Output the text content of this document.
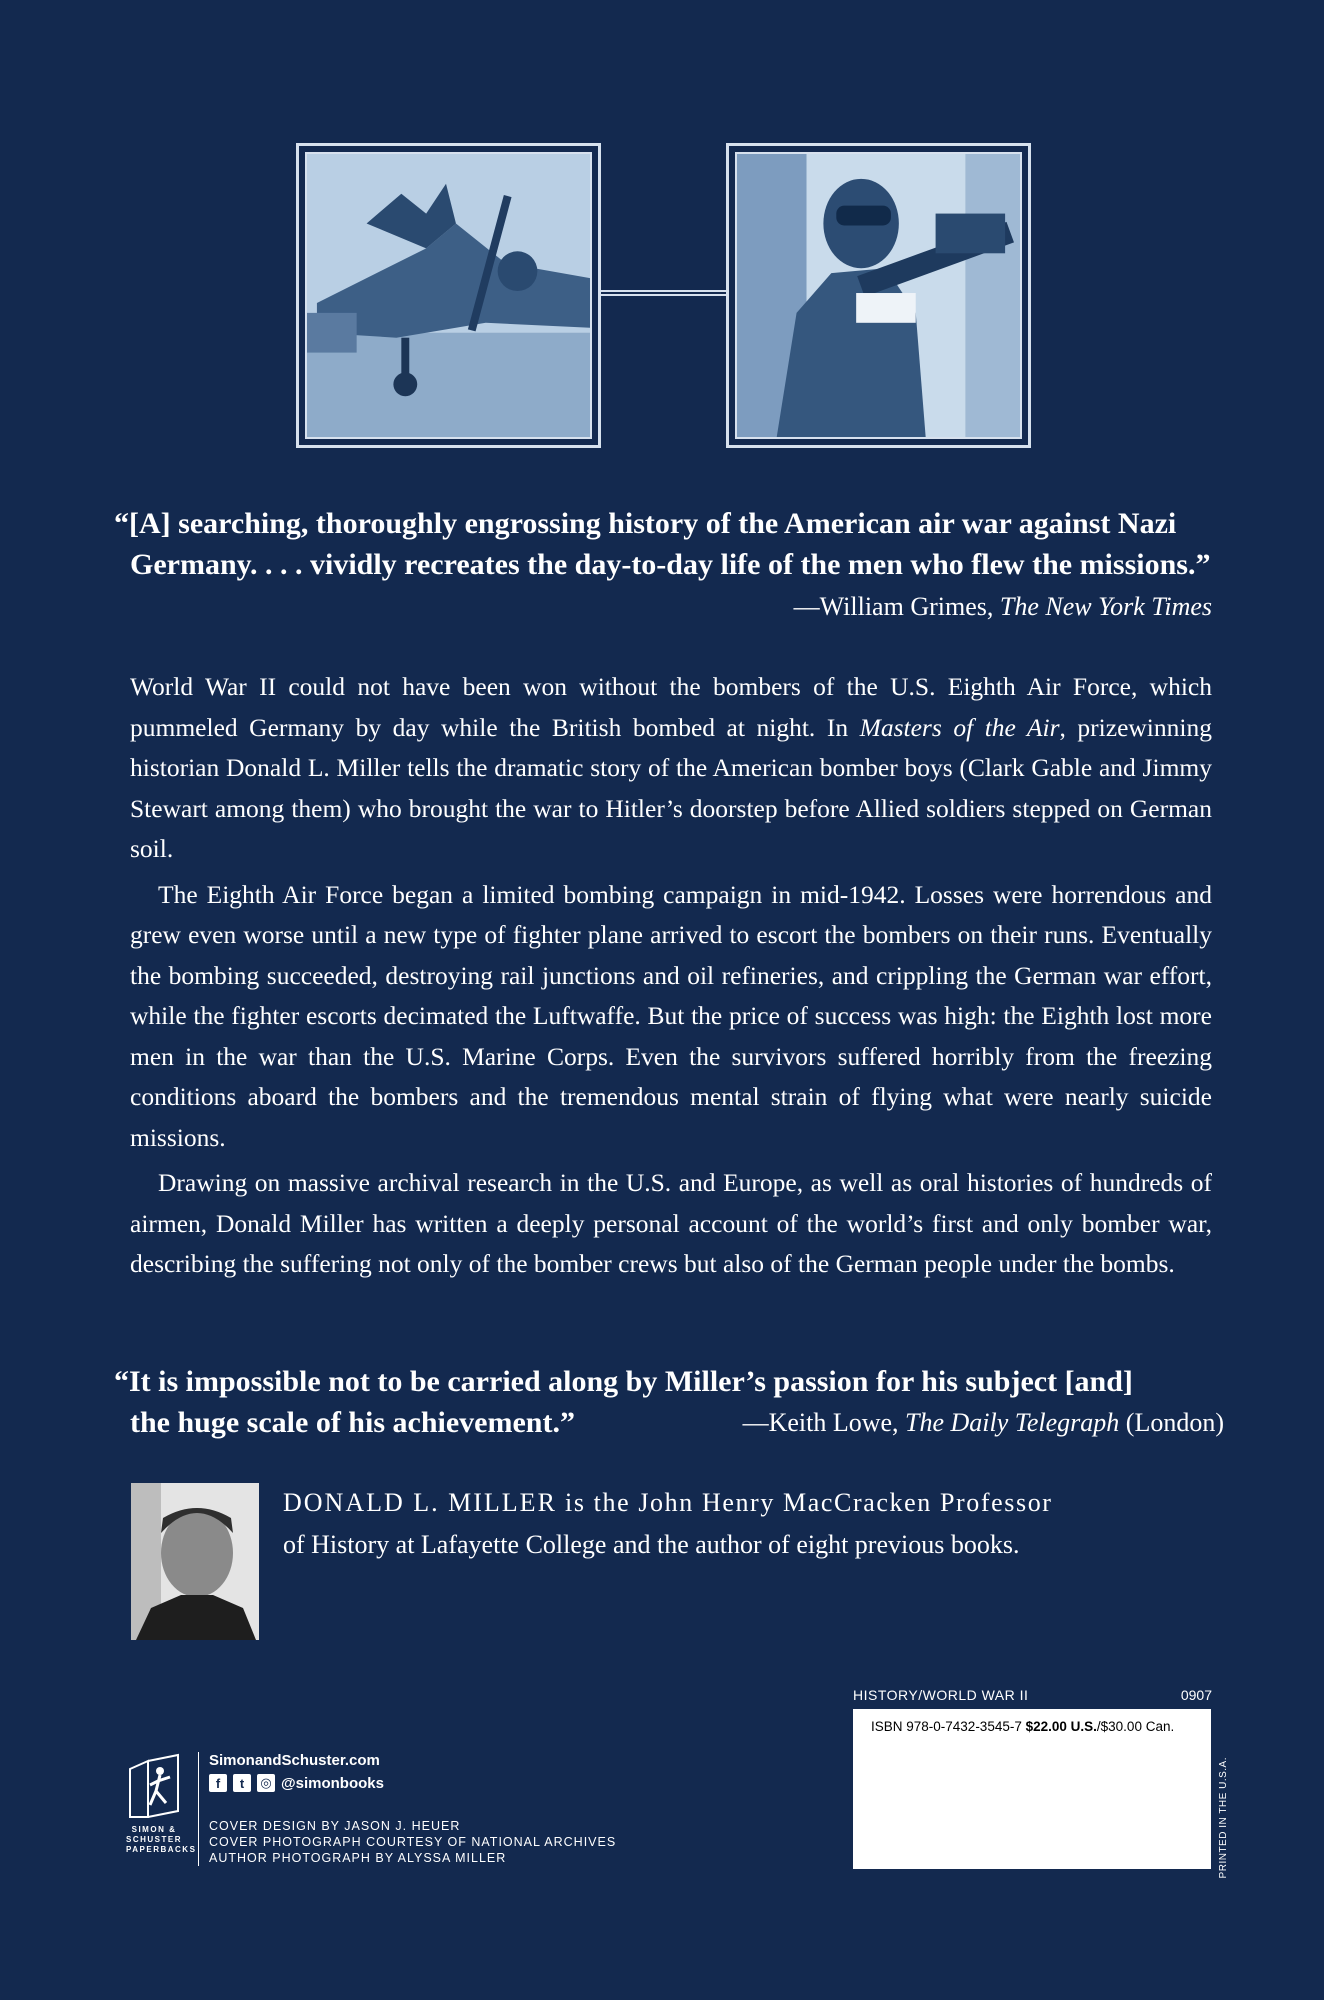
“[A] searching, thoroughly engrossing history of the American air war against Nazi
Germany. . . . vividly recreates the day-to-day life of the men who flew the missions.”
—William Grimes, The New York Times

World War II could not have been won without the bombers of the U.S. Eighth Air Force, which pummeled Germany by day while the British bombed at night. In Masters of the Air, prizewinning historian Donald L. Miller tells the dramatic story of the American bomber boys (Clark Gable and Jimmy Stewart among them) who brought the war to Hitler’s doorstep before Allied soldiers stepped on German soil.

The Eighth Air Force began a limited bombing campaign in mid-1942. Losses were horrendous and grew even worse until a new type of fighter plane arrived to escort the bombers on their runs. Eventually the bombing succeeded, destroying rail junctions and oil refineries, and crippling the German war effort, while the fighter escorts decimated the Luftwaffe. But the price of success was high: the Eighth lost more men in the war than the U.S. Marine Corps. Even the survivors suffered horribly from the freezing conditions aboard the bombers and the tremendous mental strain of flying what were nearly suicide missions.

Drawing on massive archival research in the U.S. and Europe, as well as oral histories of hundreds of airmen, Donald Miller has written a deeply personal account of the world’s first and only bomber war, describing the suffering not only of the bomber crews but also of the German people under the bombs.

“It is impossible not to be carried along by Miller’s passion for his subject [and]
the huge scale of his achievement.”	—Keith Lowe, The Daily Telegraph (London)
DONALD L. MILLER is the John Henry MacCracken Professor
of History at Lafayette College and the author of eight previous books.
HISTORY/WORLD WAR II	0907
ISBN 978-0-7432-3545-7 $22.00 U.S./$30.00 Can.
PRINTED IN THE U.S.A.
SIMON &
SCHUSTER
PAPERBACKS
SimonandSchuster.com
f	t	◎ @simonbooks
COVER DESIGN BY JASON J. HEUER
COVER PHOTOGRAPH COURTESY OF NATIONAL ARCHIVES
AUTHOR PHOTOGRAPH BY ALYSSA MILLER
